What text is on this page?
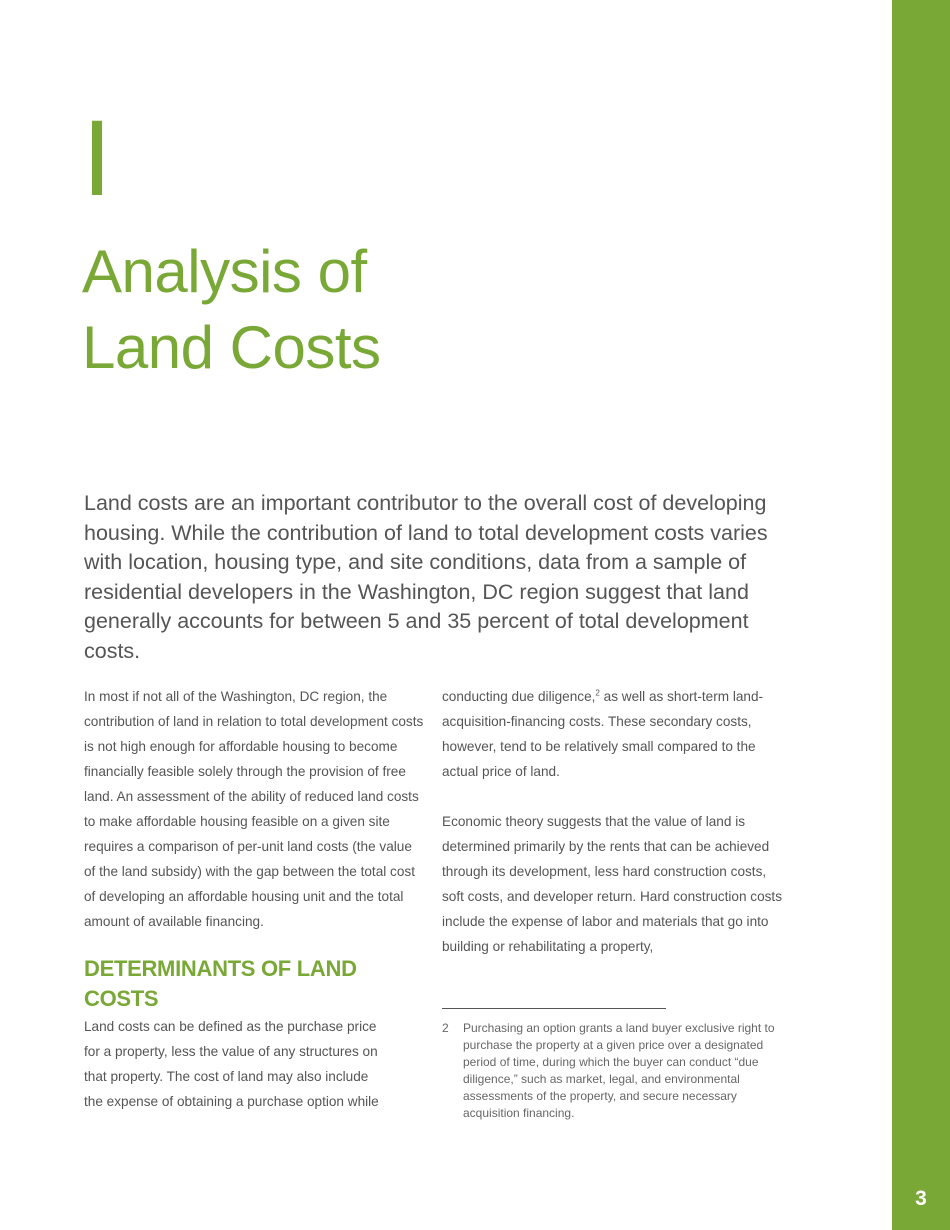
3
I
Analysis of
Land Costs

Land costs are an important contributor to the overall cost of developing housing. While the contribution of land to total development costs varies with location, housing type, and site conditions, data from a sample of residential developers in the Washington, DC region suggest that land generally accounts for between 5 and 35 percent of total development costs.

In most if not all of the Washington, DC region, the contribution of land in relation to total development costs is not high enough for affordable housing to become financially feasible solely through the provision of free land. An assessment of the ability of reduced land costs to make affordable housing feasible on a given site requires a comparison of per-unit land costs (the value of the land subsidy) with the gap between the total cost of developing an affordable housing unit and the total amount of available financing.

DETERMINANTS OF LAND COSTS

Land costs can be defined as the purchase price for a property, less the value of any structures on that property. The cost of land may also include the expense of obtaining a purchase option while

conducting due diligence,$^2$ as well as short-term land-acquisition-financing costs. These secondary costs, however, tend to be relatively small compared to the actual price of land.

Economic theory suggests that the value of land is determined primarily by the rents that can be achieved through its development, less hard construction costs, soft costs, and developer return. Hard construction costs include the expense of labor and materials that go into building or rehabilitating a property,

2 Purchasing an option grants a land buyer exclusive right to purchase the property at a given price over a designated period of time, during which the buyer can conduct “due diligence,” such as market, legal, and environmental assessments of the property, and secure necessary acquisition financing.
